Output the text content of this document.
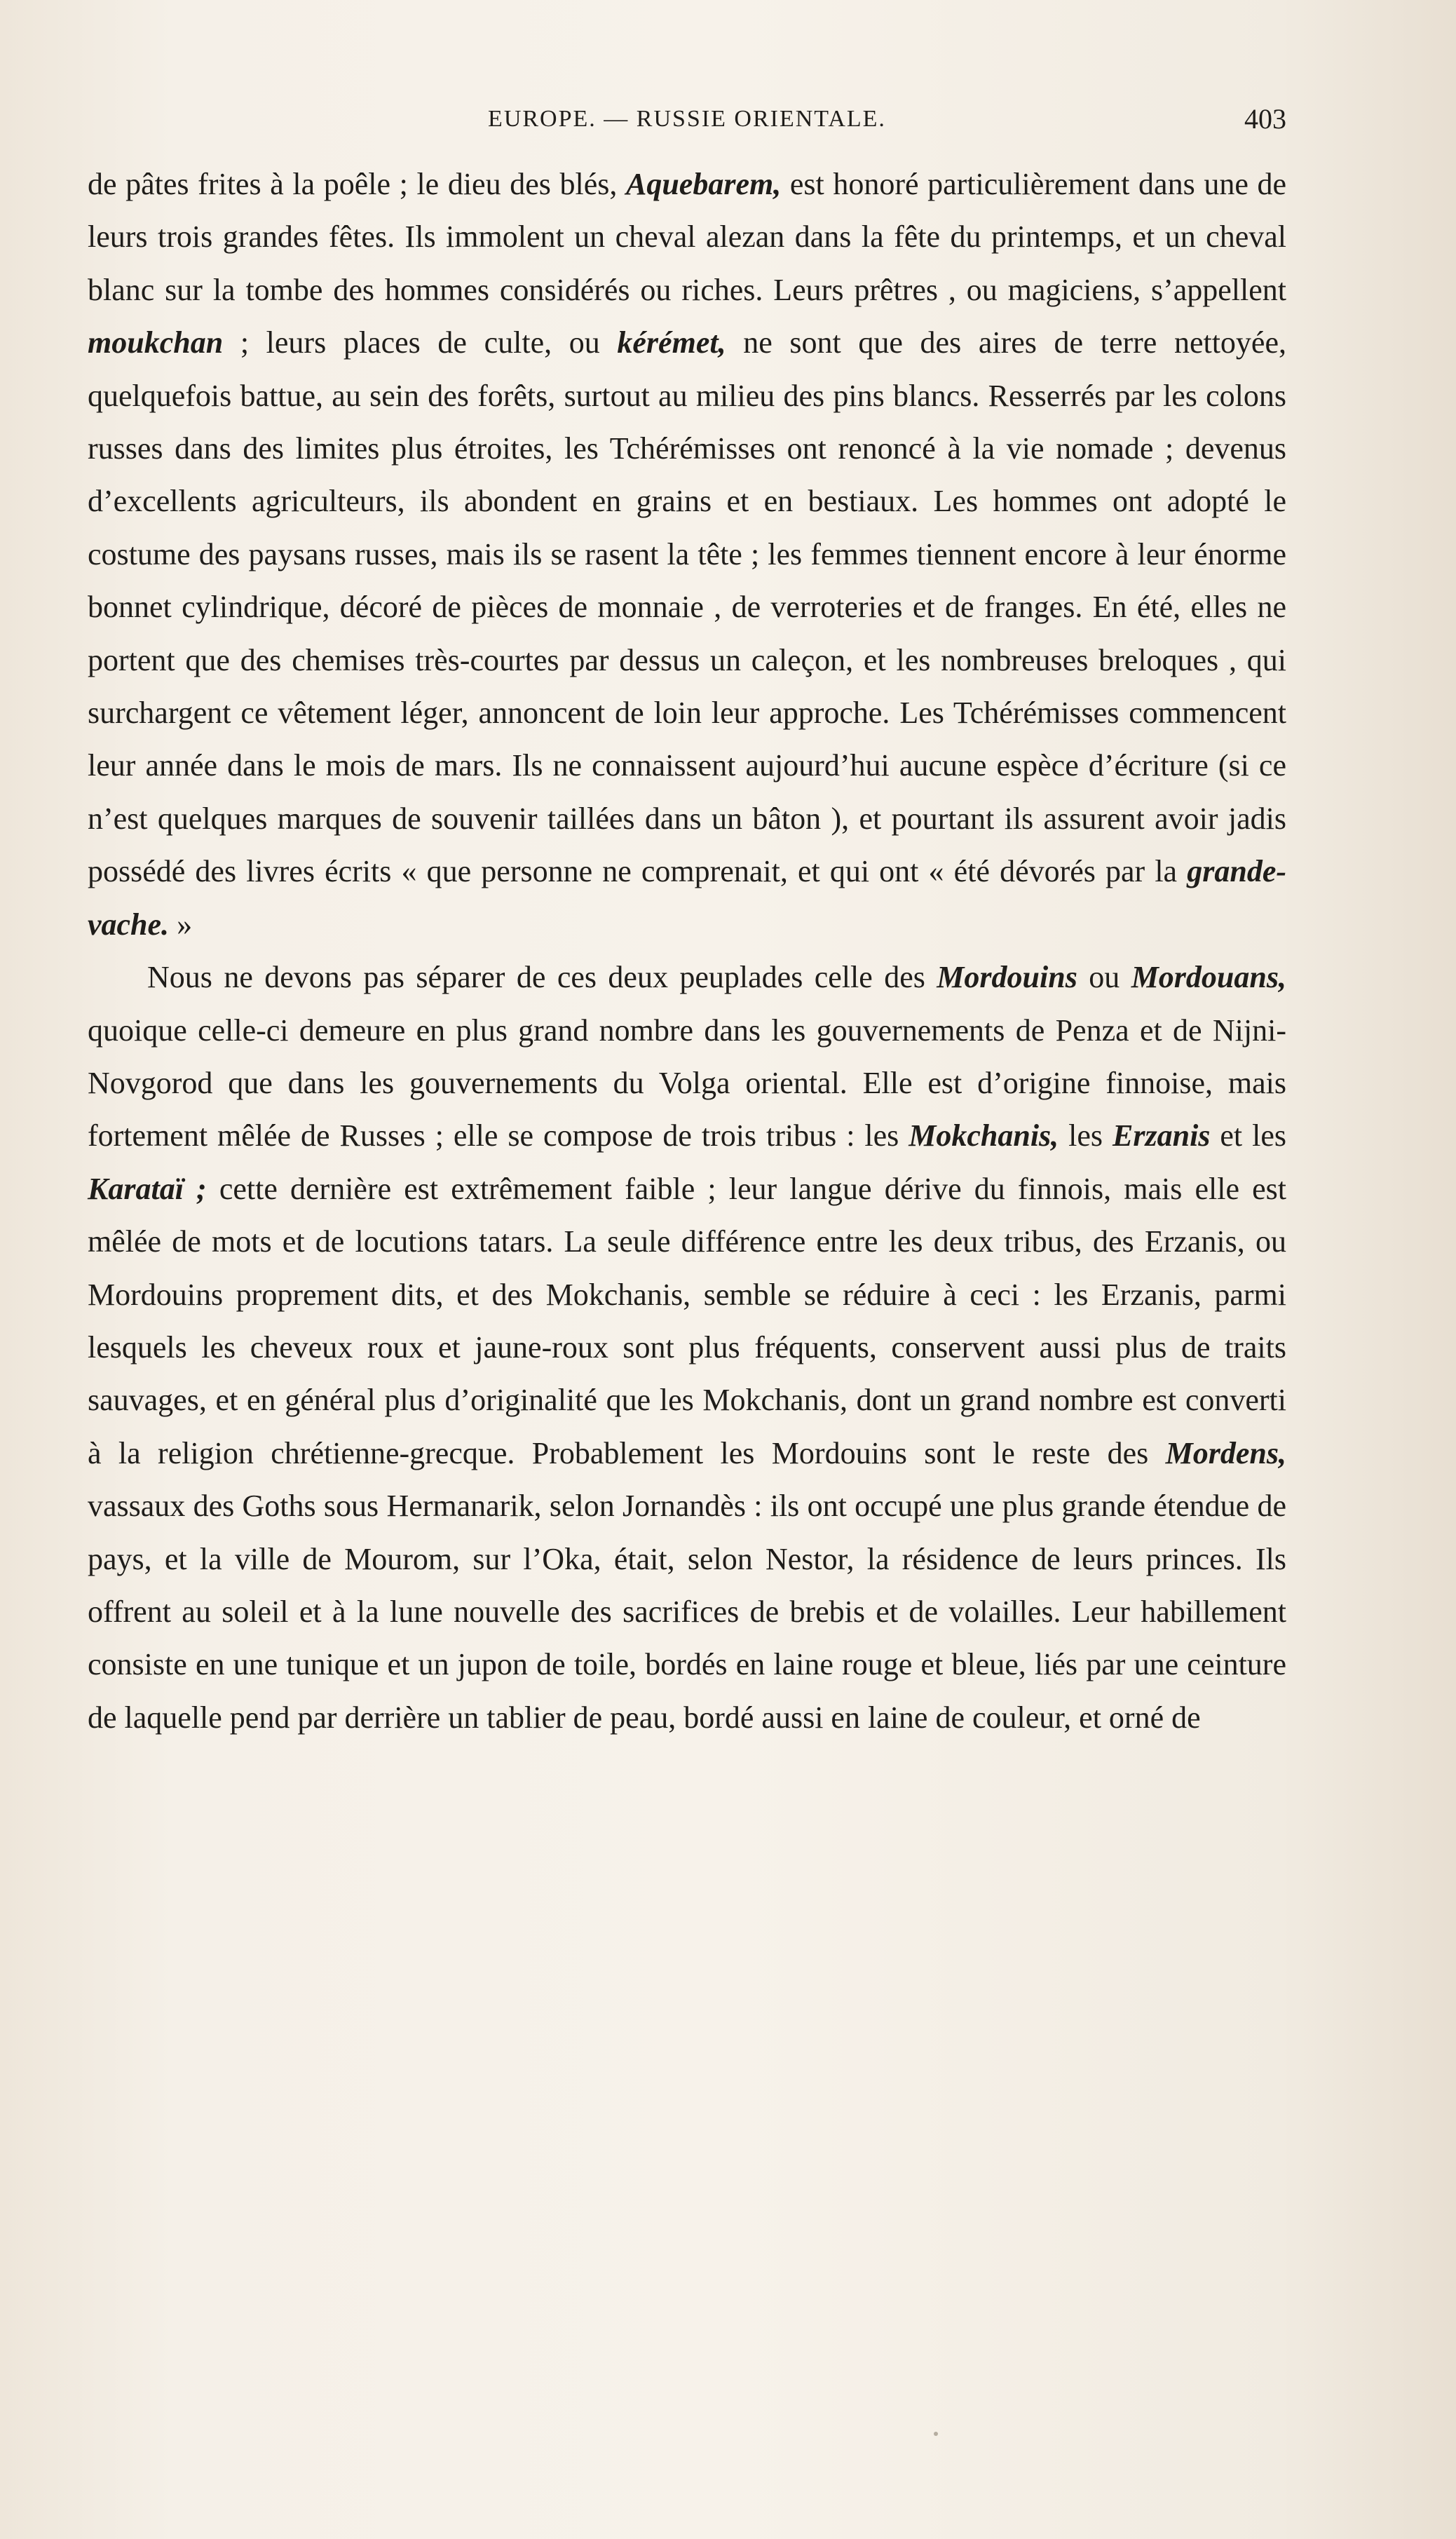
EUROPE. — RUSSIE ORIENTALE.	403

de pâtes frites à la poêle ; le dieu des blés, Aquebarem, est honoré particulièrement dans une de leurs trois grandes fêtes. Ils immolent un cheval alezan dans la fête du printemps, et un cheval blanc sur la tombe des hommes considérés ou riches. Leurs prêtres , ou magiciens, s’appellent moukchan ; leurs places de culte, ou kérémet, ne sont que des aires de terre nettoyée, quelquefois battue, au sein des forêts, surtout au milieu des pins blancs. Resserrés par les colons russes dans des limites plus étroites, les Tchérémisses ont renoncé à la vie nomade ; devenus d’excellents agriculteurs, ils abondent en grains et en bestiaux. Les hommes ont adopté le costume des paysans russes, mais ils se rasent la tête ; les femmes tiennent encore à leur énorme bonnet cylindrique, décoré de pièces de monnaie , de verroteries et de franges. En été, elles ne portent que des chemises très-courtes par dessus un caleçon, et les nombreuses breloques , qui surchargent ce vêtement léger, annoncent de loin leur approche. Les Tchérémisses commencent leur année dans le mois de mars. Ils ne connaissent aujourd’hui aucune espèce d’écriture (si ce n’est quelques marques de souvenir taillées dans un bâton ), et pourtant ils assurent avoir jadis possédé des livres écrits « que personne ne comprenait, et qui ont « été dévorés par la grande-vache. »

Nous ne devons pas séparer de ces deux peuplades celle des Mordouins ou Mordouans, quoique celle-ci demeure en plus grand nombre dans les gouvernements de Penza et de Nijni-Novgorod que dans les gouvernements du Volga oriental. Elle est d’origine finnoise, mais fortement mêlée de Russes ; elle se compose de trois tribus : les Mokchanis, les Erzanis et les Karataï ; cette dernière est extrêmement faible ; leur langue dérive du finnois, mais elle est mêlée de mots et de locutions tatars. La seule différence entre les deux tribus, des Erzanis, ou Mordouins proprement dits, et des Mokchanis, semble se réduire à ceci : les Erzanis, parmi lesquels les cheveux roux et jaune-roux sont plus fréquents, conservent aussi plus de traits sauvages, et en général plus d’originalité que les Mokchanis, dont un grand nombre est converti à la religion chrétienne-grecque. Probablement les Mordouins sont le reste des Mordens, vassaux des Goths sous Hermanarik, selon Jornandès : ils ont occupé une plus grande étendue de pays, et la ville de Mourom, sur l’Oka, était, selon Nestor, la résidence de leurs princes. Ils offrent au soleil et à la lune nouvelle des sacrifices de brebis et de volailles. Leur habillement consiste en une tunique et un jupon de toile, bordés en laine rouge et bleue, liés par une ceinture de laquelle pend par derrière un tablier de peau, bordé aussi en laine de couleur, et orné de
